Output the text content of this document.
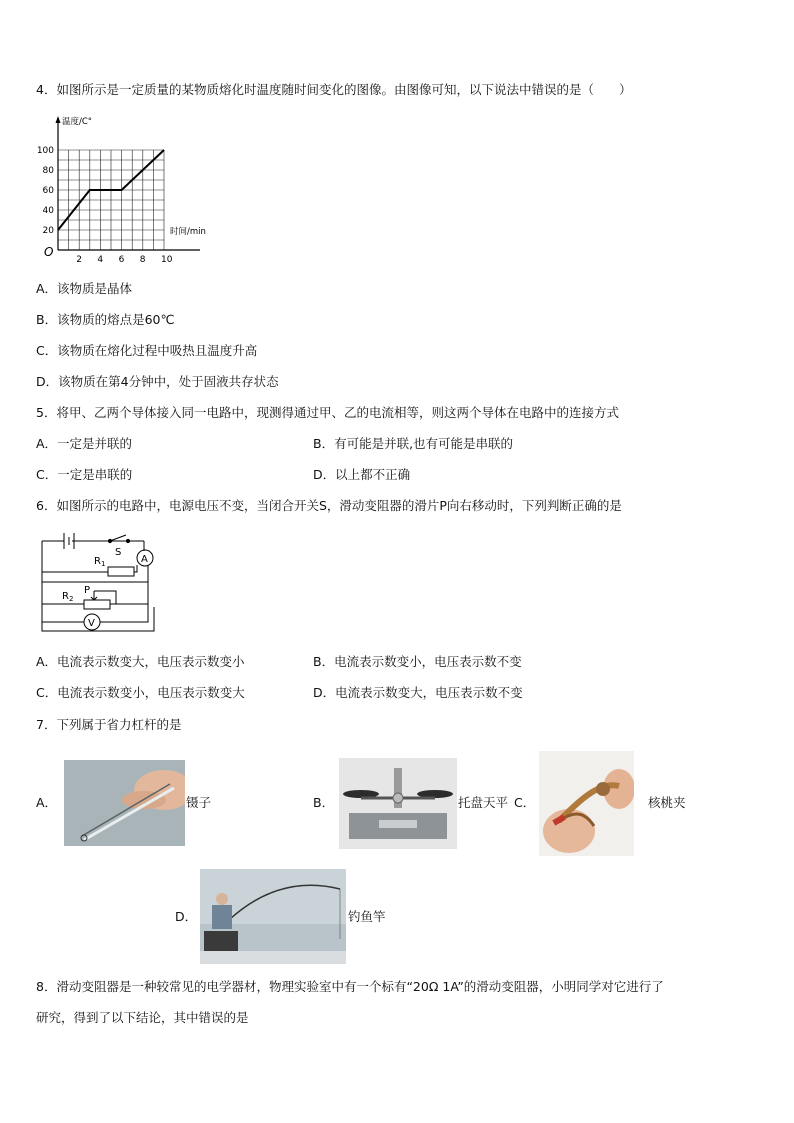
4．如图所示是一定质量的某物质熔化时温度随时间变化的图像。由图像可知，以下说法中错误的是（　　）
温度/C°
时间/min
O
2 4 6 8 10
20
40
60
80
100
A．该物质是晶体
B．该物质的熔点是60℃
C．该物质在熔化过程中吸热且温度升高
D．该物质在第4分钟中，处于固液共存状态
5．将甲、乙两个导体接入同一电路中，现测得通过甲、乙的电流相等，则这两个导体在电路中的连接方式
A．一定是并联的	B．有可能是并联,也有可能是串联的
C．一定是串联的	D．以上都不正确
6．如图所示的电路中，电源电压不变，当闭合开关S，滑动变阻器的滑片P向右移动时，下列判断正确的是
$R_1$
S
A
$R_2$
P
V
A．电流表示数变大，电压表示数变小	B．电流表示数变小，电压表示数不变
C．电流表示数变小，电压表示数变大	D．电流表示数变大，电压表示数不变
7．下列属于省力杠杆的是
A．	镊子	B．	托盘天平 C．	核桃夹
D．	钓鱼竿
8．滑动变阻器是一种较常见的电学器材，物理实验室中有一个标有“20Ω 1A”的滑动变阻器，小明同学对它进行了
研究，得到了以下结论，其中错误的是
